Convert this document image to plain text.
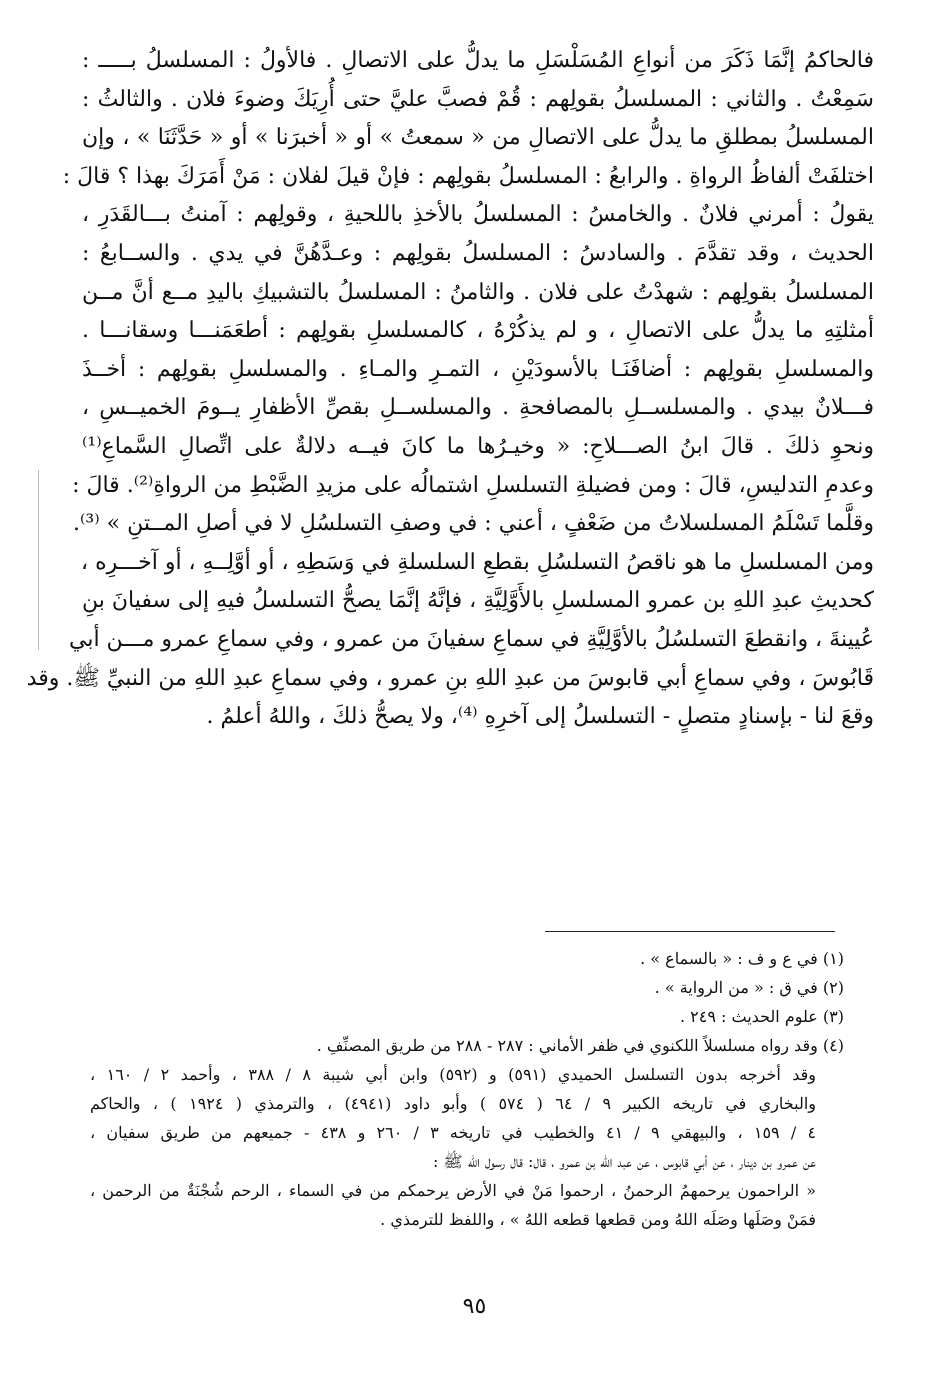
فالحاكمُ إنَّمَا ذَكَرَ من أنواعِ المُسَلْسَلِ ما يدلُّ على الاتصالِ . فالأولُ : المسلسلُ بـــــ :
سَمِعْتُ . والثاني : المسلسلُ بقولِهم : قُمْ فصبَّ عليَّ حتى أُرِيَكَ وضوءَ فلان . والثالثُ :
المسلسلُ بمطلقِ ما يدلُّ على الاتصالِ من « سمعتُ » أو « أخبرَنا » أو « حَدَّثَنَا » ، وإن
اختلفَتْ ألفاظُ الرواةِ . والرابعُ : المسلسلُ بقولِهم : فإنْ قيلَ لفلان : مَنْ أَمَرَكَ بهذا ؟ قالَ :
يقولُ : أمرني فلانٌ . والخامسُ : المسلسلُ بالأخذِ باللحيةِ ، وقولِهم : آمنتُ بـــالقَدَرِ ،
الحديث ، وقد تقدَّمَ . والسادسُ : المسلسلُ بقولِهم : وعـدَّهُنَّ في يدي . والســابعُ :
المسلسلُ بقولِهم : شهدْتُ على فلان . والثامنُ : المسلسلُ بالتشبيكِ باليدِ مــع أنَّ مــن
أمثلتِهِ ما يدلُّ على الاتصالِ ، و لم يذكُرْهُ ، كالمسلسلِ بقولِهم : أطعَمَنـــا وسقانـــا .
والمسلسلِ بقولِهم : أضافَنَـا بالأسودَيْنِ ، التمـرِ والمـاءِ . والمسلسلِ بقولِهم : أخــذَ
فـــلانٌ بيدي . والمسلســلِ بالمصافحةِ . والمسلســلِ بقصِّ الأظفارِ يــومَ الخميــسِ ،
ونحوِ ذلكَ . قالَ ابنُ الصـــلاحِ: « وخيـرُها ما كانَ فيــه دلالةٌ على اتِّصالِ السَّماعِ⁽¹⁾
وعدمِ التدليسِ، قالَ : ومن فضيلةِ التسلسلِ اشتمالُه على مزيدِ الضَّبْطِ من الرواةِ⁽²⁾. قالَ :
وقلَّما تَسْلَمُ المسلسلاتُ من ضَعْفٍ ، أعني : في وصفِ التسلسُلِ لا في أصلِ المــتنِ » ⁽³⁾.
ومن المسلسلِ ما هو ناقصُ التسلسُلِ بقطعِ السلسلةِ في وَسَطِهِ ، أو أوَّلِــهِ ، أو آخـــرِه ،
كحديثِ عبدِ اللهِ بن عمرو المسلسلِ بالأَوَّلِيَّةِ ، فإنَّهُ إنَّمَا يصحُّ التسلسلُ فيهِ إلى سفيانَ بنِ
عُيينةَ ، وانقطعَ التسلسُلُ بالأوَّلِيَّةِ في سماعِ سفيانَ من عمرو ، وفي سماعِ عمرو مـــن أبي
قَابُوسَ ، وفي سماعِ أبي قابوسَ من عبدِ اللهِ بنِ عمرو ، وفي سماعِ عبدِ اللهِ من النبيِّ ﷺ. وقد
وقعَ لنا - بإسنادٍ متصلٍ - التسلسلُ إلى آخرِهِ ⁽⁴⁾، ولا يصحُّ ذلكَ ، واللهُ أعلمُ .
(١) في ع و ف : « بالسماع » .
(٢) في ق : « من الرواية » .
(٣) علوم الحديث : ٢٤٩ .
(٤) وقد رواه مسلسلاً اللكنوي في ظفر الأماني : ٢٨٧ - ٢٨٨ من طريق المصنِّفِ .
وقد أخرجه بدون التسلسل الحميدي (٥٩١) و (٥٩٢) وابن أبي شيبة ٨ / ٣٨٨ ، وأحمد ٢ / ١٦٠ ،
والبخاري في تاريخه الكبير ٩ / ٦٤ ( ٥٧٤ ) وأبو داود (٤٩٤١) ، والترمذي ( ١٩٢٤ ) ، والحاكم
٤ / ١٥٩ ، والبيهقي ٩ / ٤١ والخطيب في تاريخه ٣ / ٢٦٠ و ٤٣٨ - جميعهم من طريق سفيان ،
عن عمرو بن دينار ، عن أبي قابوس ، عن عبد الله بن عمرو ، قال: قال رسول الله ﷺ :
« الراحمون يرحمهمُ الرحمنُ ، ارحموا مَنْ في الأرض يرحمكم من في السماء ، الرحم شُجْنَةٌ من الرحمن ،
فمَنْ وصَلَها وصَلَه اللهُ ومن قطعها قطعه اللهُ » ، واللفظ للترمذي .
٩٥
